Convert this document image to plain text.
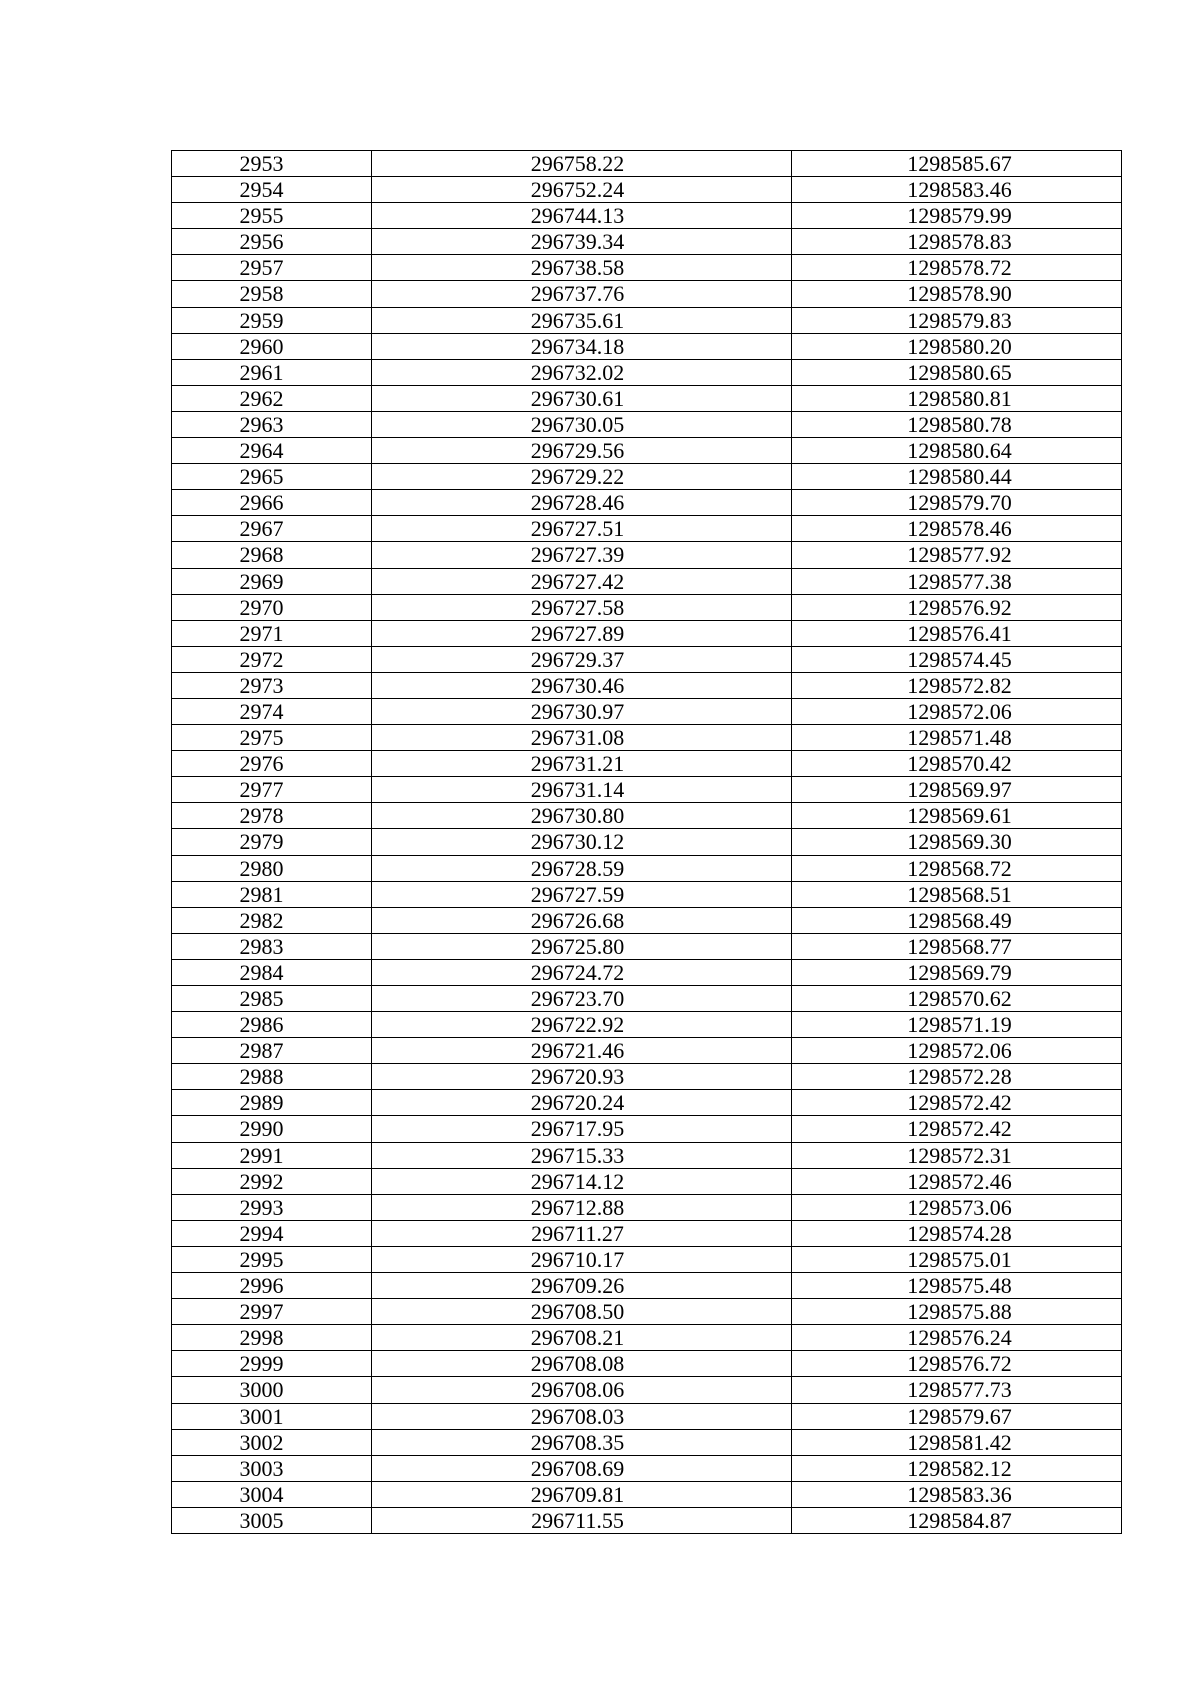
2953	296758.22	1298585.67
2954	296752.24	1298583.46
2955	296744.13	1298579.99
2956	296739.34	1298578.83
2957	296738.58	1298578.72
2958	296737.76	1298578.90
2959	296735.61	1298579.83
2960	296734.18	1298580.20
2961	296732.02	1298580.65
2962	296730.61	1298580.81
2963	296730.05	1298580.78
2964	296729.56	1298580.64
2965	296729.22	1298580.44
2966	296728.46	1298579.70
2967	296727.51	1298578.46
2968	296727.39	1298577.92
2969	296727.42	1298577.38
2970	296727.58	1298576.92
2971	296727.89	1298576.41
2972	296729.37	1298574.45
2973	296730.46	1298572.82
2974	296730.97	1298572.06
2975	296731.08	1298571.48
2976	296731.21	1298570.42
2977	296731.14	1298569.97
2978	296730.80	1298569.61
2979	296730.12	1298569.30
2980	296728.59	1298568.72
2981	296727.59	1298568.51
2982	296726.68	1298568.49
2983	296725.80	1298568.77
2984	296724.72	1298569.79
2985	296723.70	1298570.62
2986	296722.92	1298571.19
2987	296721.46	1298572.06
2988	296720.93	1298572.28
2989	296720.24	1298572.42
2990	296717.95	1298572.42
2991	296715.33	1298572.31
2992	296714.12	1298572.46
2993	296712.88	1298573.06
2994	296711.27	1298574.28
2995	296710.17	1298575.01
2996	296709.26	1298575.48
2997	296708.50	1298575.88
2998	296708.21	1298576.24
2999	296708.08	1298576.72
3000	296708.06	1298577.73
3001	296708.03	1298579.67
3002	296708.35	1298581.42
3003	296708.69	1298582.12
3004	296709.81	1298583.36
3005	296711.55	1298584.87
